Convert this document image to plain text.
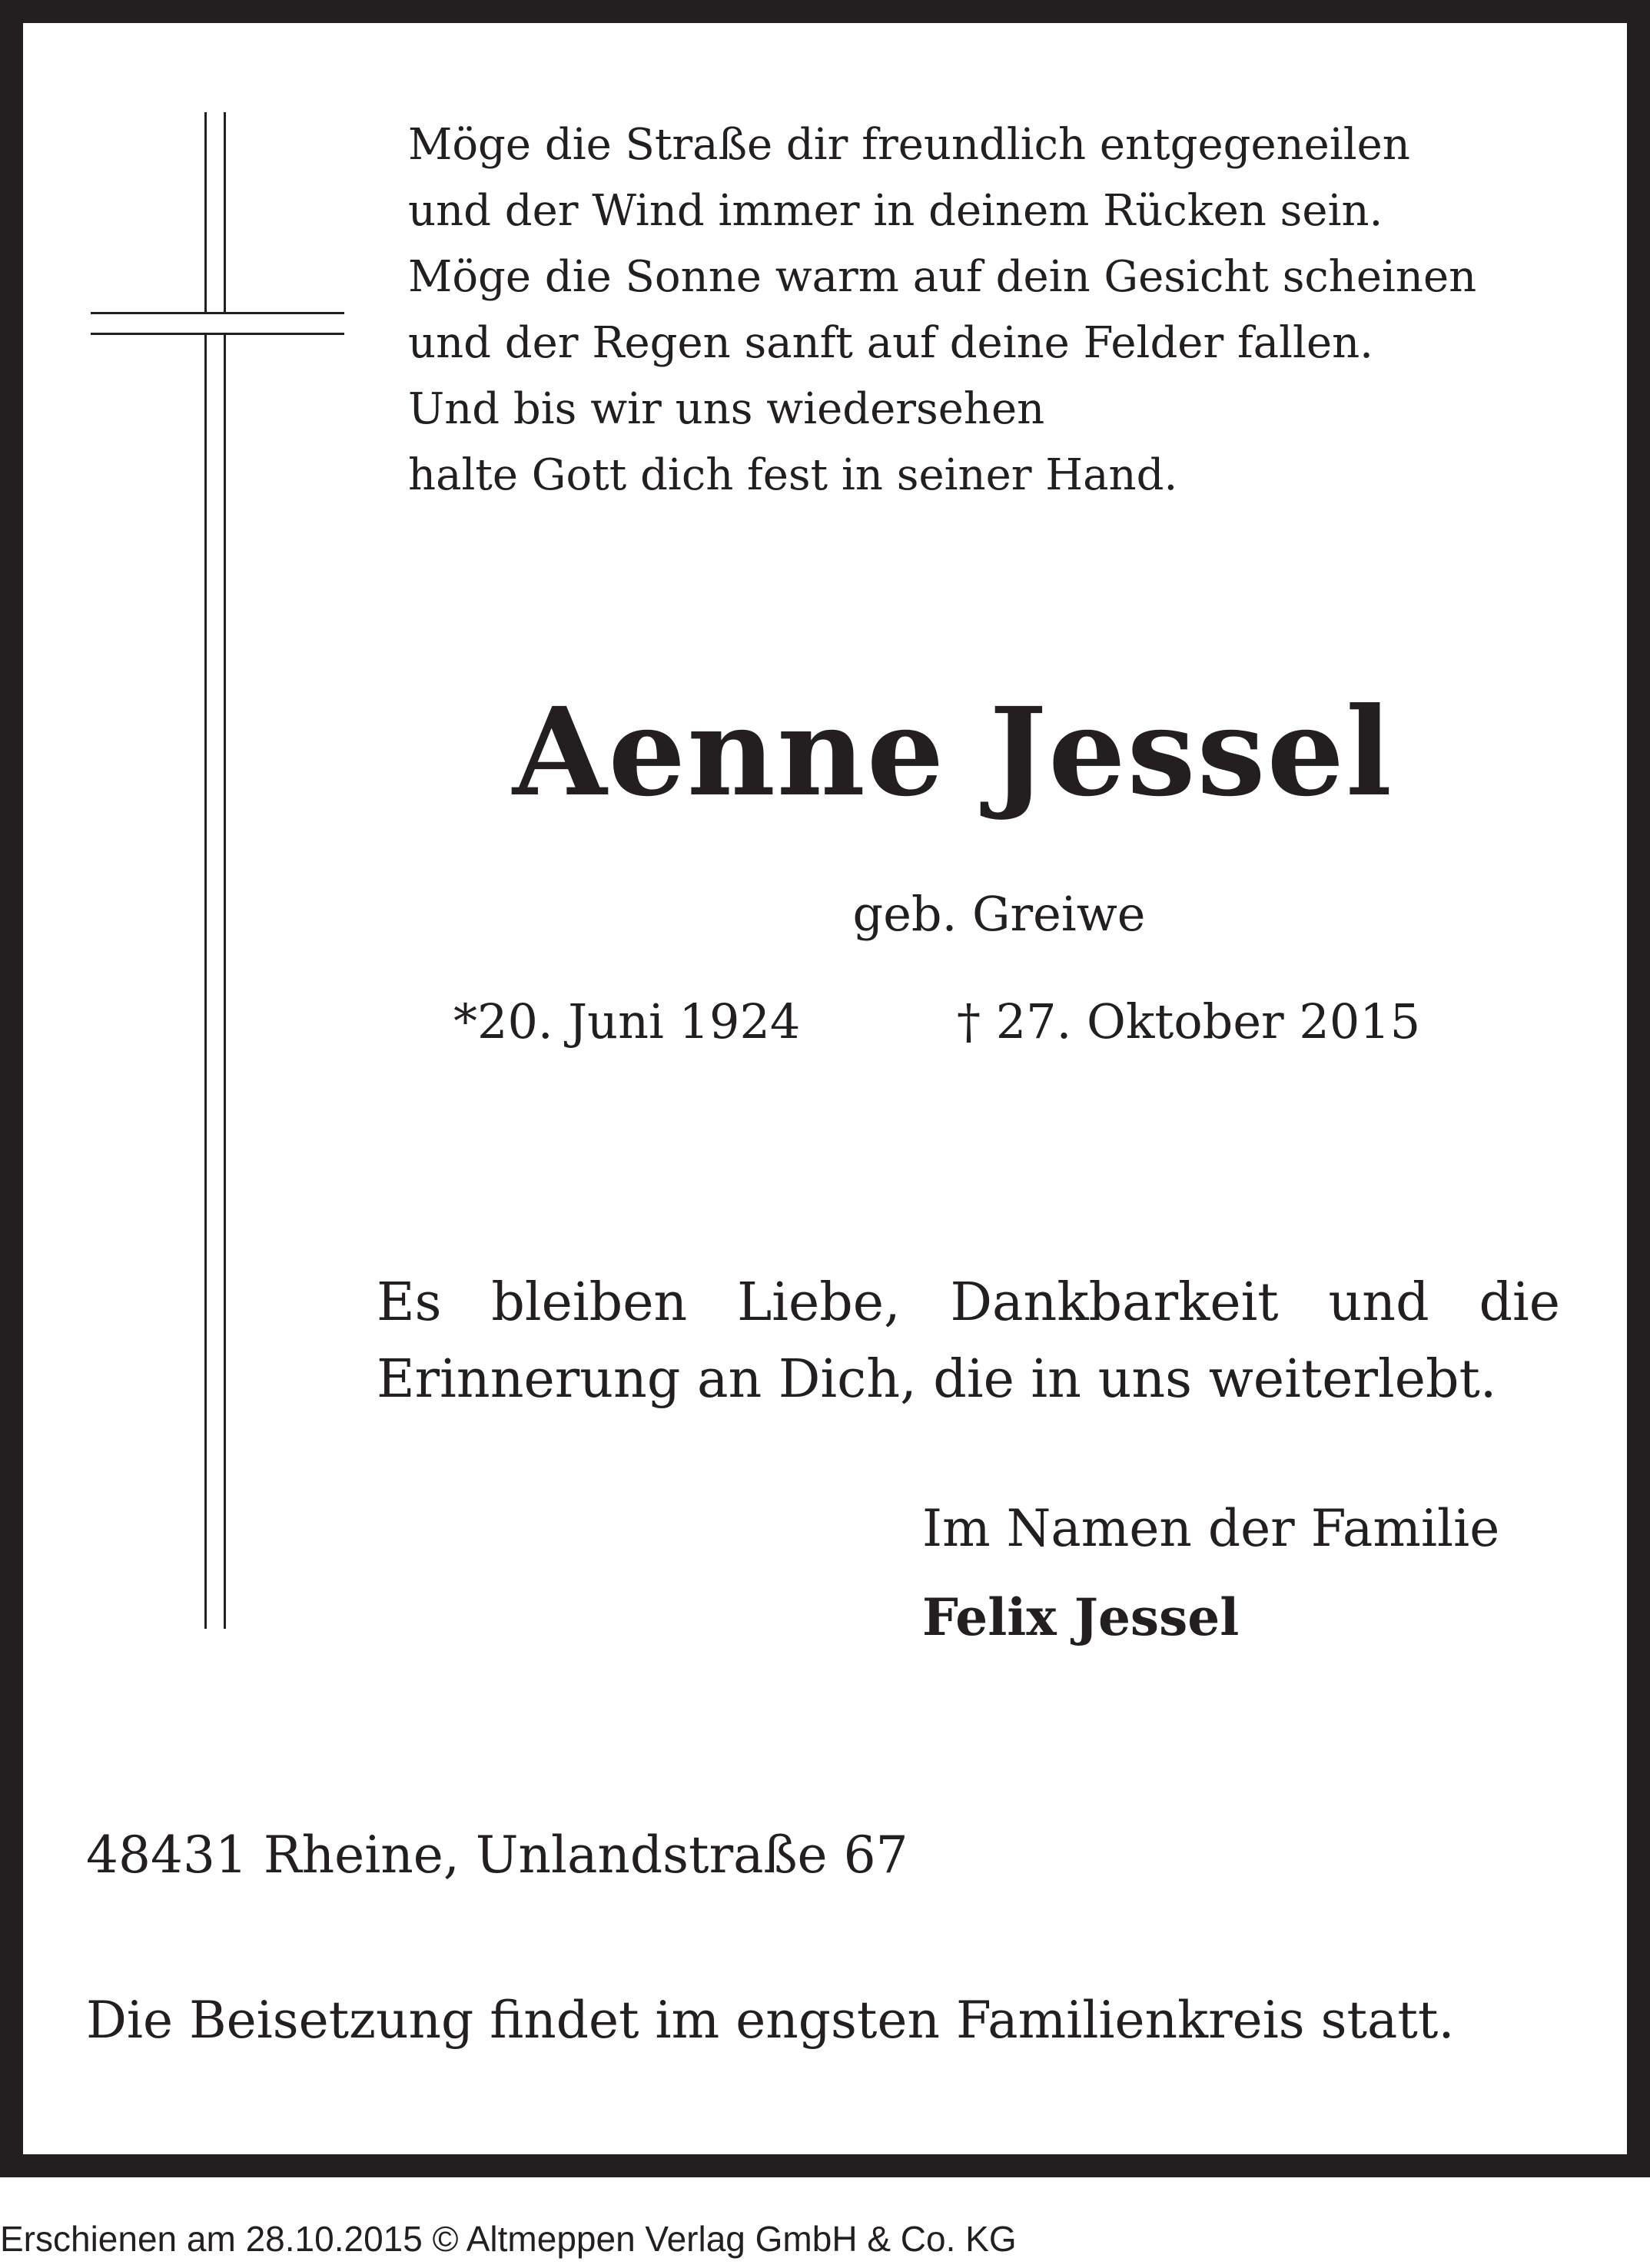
Möge die Straße dir freundlich entgegeneilen
und der Wind immer in deinem Rücken sein.
Möge die Sonne warm auf dein Gesicht scheinen
und der Regen sanft auf deine Felder fallen.
Und bis wir uns wiedersehen
halte Gott dich fest in seiner Hand.
Aenne Jessel
geb. Greiwe
*20. Juni 1924	† 27. Oktober 2015
Es bleiben Liebe, Dankbarkeit und die
Erinnerung an Dich, die in uns weiterlebt.
Im Namen der Familie
Felix Jessel
48431 Rheine, Unlandstraße 67
Die Beisetzung findet im engsten Familienkreis statt.
Erschienen am 28.10.2015 © Altmeppen Verlag GmbH & Co. KG
